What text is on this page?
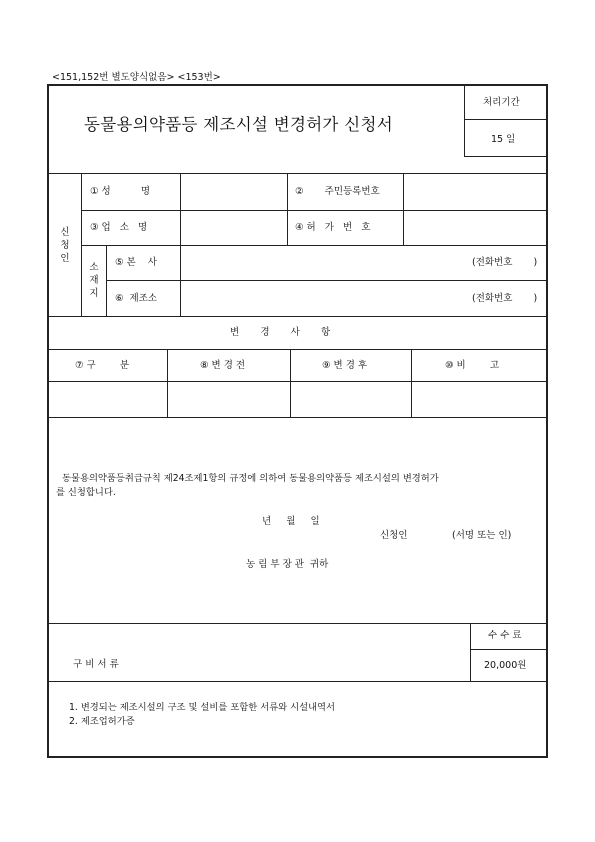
<151,152번 별도양식없음> <153번>
동물용의약품등 제조시설 변경허가 신청서
처리기간
15 일
신
청
인
① 성          명	②       주민등록번호
③ 업   소   명	④ 허   가   번   호
소
재
지
⑤ 본    사	(전화번호       )
⑥  제조소	(전화번호       )
변       경       사       항
⑦ 구        분	⑧ 변 경 전	⑨ 변 경 후	⑩ 비        고
동물용의약품등취급규칙 제24조제1항의 규정에 의하여 동물용의약품등 제조시설의 변경허가
를 신청합니다.
년     월     일
신청인	(서명 또는 인)
농 림 부 장 관  귀하
구 비 서 류
수 수 료
20,000원
1. 변경되는 제조시설의 구조 및 설비를 포함한 서류와 시설내역서
2. 제조업허가증
